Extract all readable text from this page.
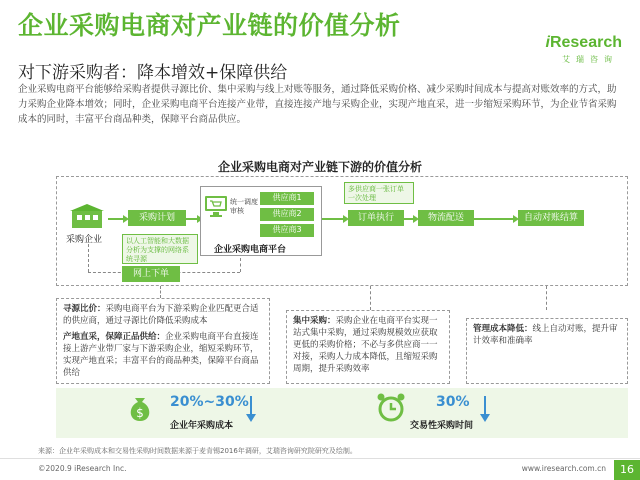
企业采购电商对产业链的价值分析
iResearch
艾瑞咨询
对下游采购者：降本增效+保障供给
企业采购电商平台能够给采购者提供寻源比价、集中采购与线上对账等服务，通过降低采购价格、减少采购时间成本与提高对账效率的方式，助力采购企业降本增效；同时，企业采购电商平台连接产业带，直接连接产地与采购企业，实现产地直采，进一步缩短采购环节，为企业节省采购成本的同时，丰富平台商品种类，保障平台商品供应。
企业采购电商对产业链下游的价值分析
采购企业
采购计划
以人工智能和大数据分析为支撑的网络系统寻源
网上下单
统一调度审核
供应商1
供应商2
供应商3
企业采购电商平台
多供应商一张订单一次处理
订单执行	物流配送	自动对账结算
寻源比价：采购电商平台为下游采购企业匹配更合适的供应商，通过寻源比价降低采购成本
产地直采，保障正品供给：企业采购电商平台直接连接上游产业带厂家与下游采购企业，缩短采购环节，实现产地直采；丰富平台的商品种类，保障平台商品供给
集中采购：采购企业在电商平台实现一站式集中采购，通过采购规模效应获取更低的采购价格；不必与多供应商一一对接，采购人力成本降低，且缩短采购周期，提升采购效率
管理成本降低：线上自动对账，提升审计效率和准确率
$
20%~30%
企业年采购成本
30%
交易性采购时间
来源：企业年采购成本和交易性采购时间数据来源于麦肯锡2016年调研，艾瑞咨询研究院研究及绘制。
©2020.9 iResearch Inc.	www.iresearch.com.cn	16
